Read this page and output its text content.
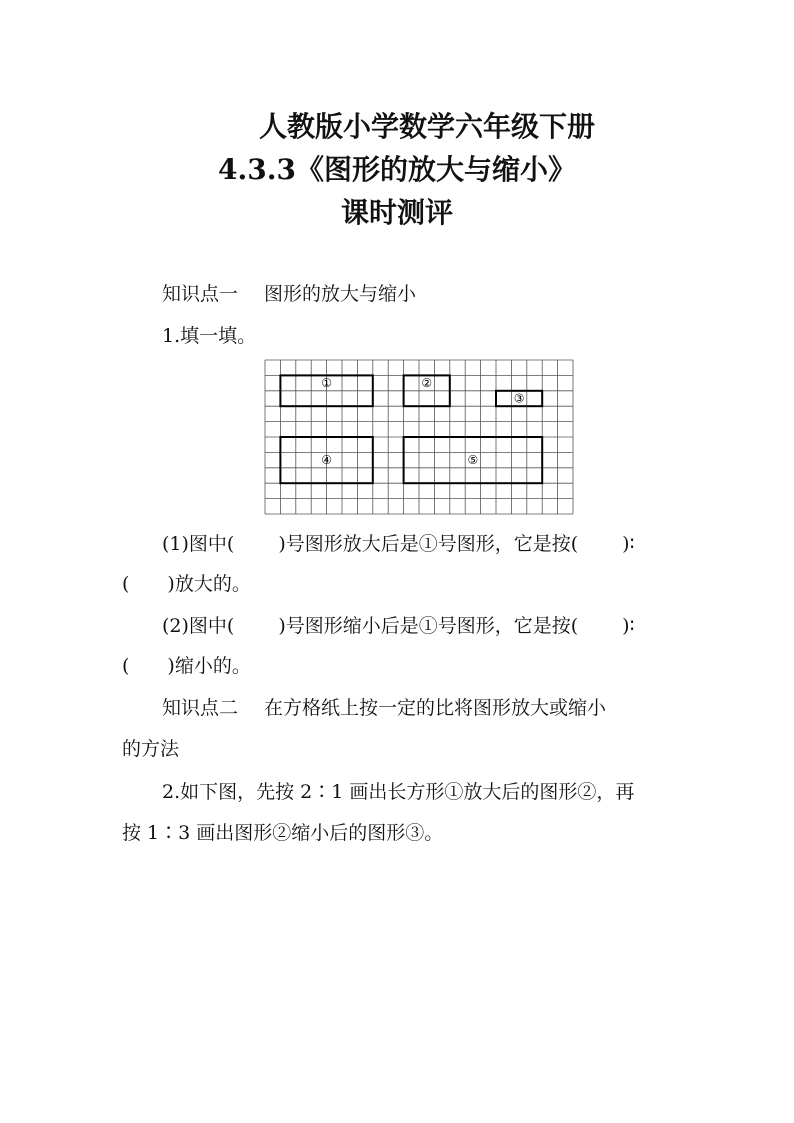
人教版小学数学六年级下册
4.3.3《图形的放大与缩小》
课时测评
知识点一 图形的放大与缩小
1.填一填。
①	②
③
④	⑤
(1)图中( )号图形放大后是①号图形，它是按( )∶
( )放大的。
(2)图中( )号图形缩小后是①号图形，它是按( )∶
( )缩小的。
知识点二 在方格纸上按一定的比将图形放大或缩小
的方法
2.如下图，先按 2∶1 画出长方形①放大后的图形②，再
按 1∶3 画出图形②缩小后的图形③。
